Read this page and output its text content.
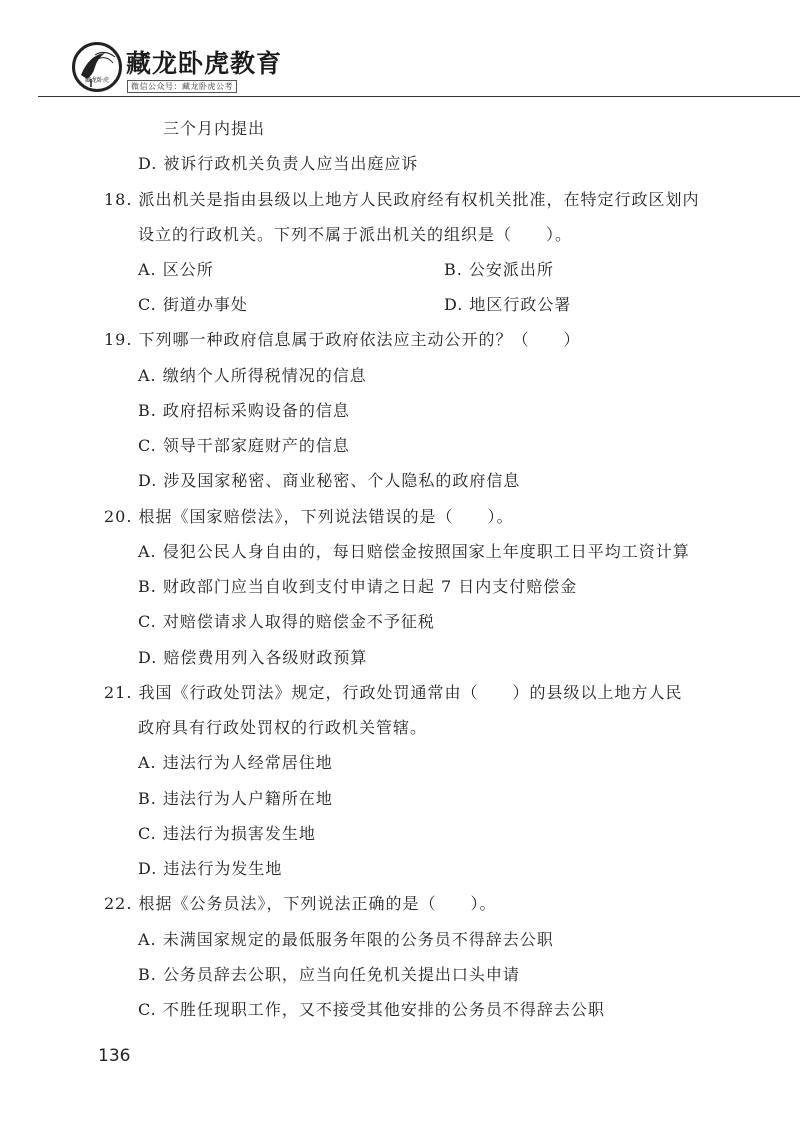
藏龙卧虎
藏龙卧虎教育
微信公众号：藏龙卧虎公考
三个月内提出
D. 被诉行政机关负责人应当出庭应诉
18. 派出机关是指由县级以上地方人民政府经有权机关批准，在特定行政区划内
设立的行政机关。下列不属于派出机关的组织是（　　）。
A. 区公所	B. 公安派出所
C. 街道办事处	D. 地区行政公署
19. 下列哪一种政府信息属于政府依法应主动公开的？（　　）
A. 缴纳个人所得税情况的信息
B. 政府招标采购设备的信息
C. 领导干部家庭财产的信息
D. 涉及国家秘密、商业秘密、个人隐私的政府信息
20. 根据《国家赔偿法》，下列说法错误的是（　　）。
A. 侵犯公民人身自由的，每日赔偿金按照国家上年度职工日平均工资计算
B. 财政部门应当自收到支付申请之日起 7 日内支付赔偿金
C. 对赔偿请求人取得的赔偿金不予征税
D. 赔偿费用列入各级财政预算
21. 我国《行政处罚法》规定，行政处罚通常由（　　）的县级以上地方人民
政府具有行政处罚权的行政机关管辖。
A. 违法行为人经常居住地
B. 违法行为人户籍所在地
C. 违法行为损害发生地
D. 违法行为发生地
22. 根据《公务员法》，下列说法正确的是（　　）。
A. 未满国家规定的最低服务年限的公务员不得辞去公职
B. 公务员辞去公职，应当向任免机关提出口头申请
C. 不胜任现职工作，又不接受其他安排的公务员不得辞去公职
136
